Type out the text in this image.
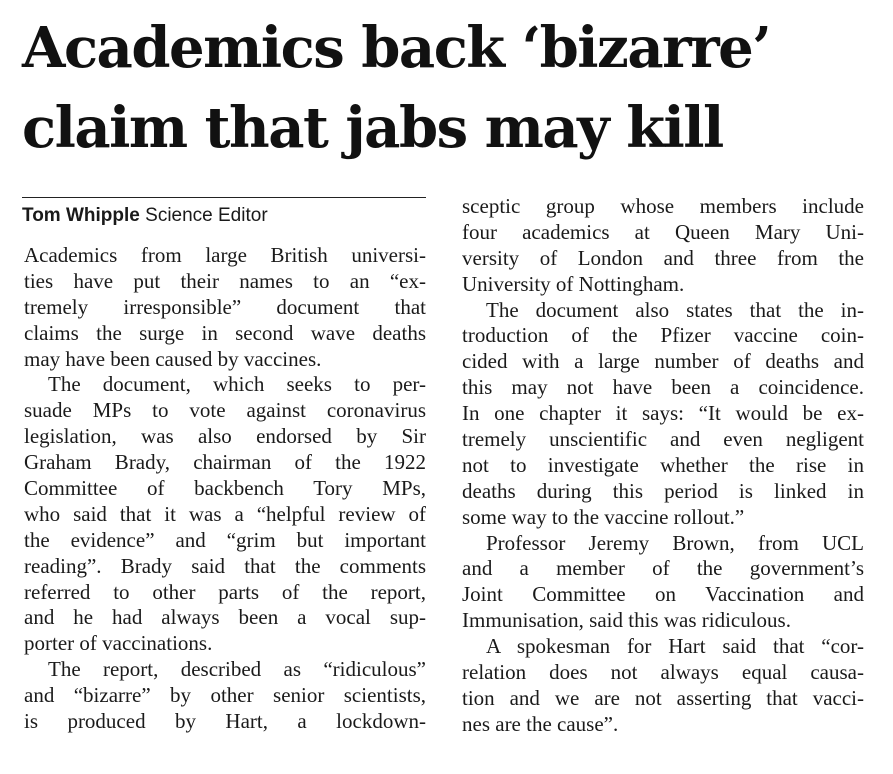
Academics back ‘bizarre’
claim that jabs may kill
Tom Whipple Science Editor
Academics from large British universi-
ties have put their names to an “ex-
tremely irresponsible” document that
claims the surge in second wave deaths
may have been caused by vaccines.
The document, which seeks to per-
suade MPs to vote against coronavirus
legislation, was also endorsed by Sir
Graham Brady, chairman of the 1922
Committee of backbench Tory MPs,
who said that it was a “helpful review of
the evidence” and “grim but important
reading”. Brady said that the comments
referred to other parts of the report,
and he had always been a vocal sup-
porter of vaccinations.
The report, described as “ridiculous”
and “bizarre” by other senior scientists,
is produced by Hart, a lockdown-
sceptic group whose members include
four academics at Queen Mary Uni-
versity of London and three from the
University of Nottingham.
The document also states that the in-
troduction of the Pfizer vaccine coin-
cided with a large number of deaths and
this may not have been a coincidence.
In one chapter it says: “It would be ex-
tremely unscientific and even negligent
not to investigate whether the rise in
deaths during this period is linked in
some way to the vaccine rollout.”
Professor Jeremy Brown, from UCL
and a member of the government’s
Joint Committee on Vaccination and
Immunisation, said this was ridiculous.
A spokesman for Hart said that “cor-
relation does not always equal causa-
tion and we are not asserting that vacci-
nes are the cause”.
